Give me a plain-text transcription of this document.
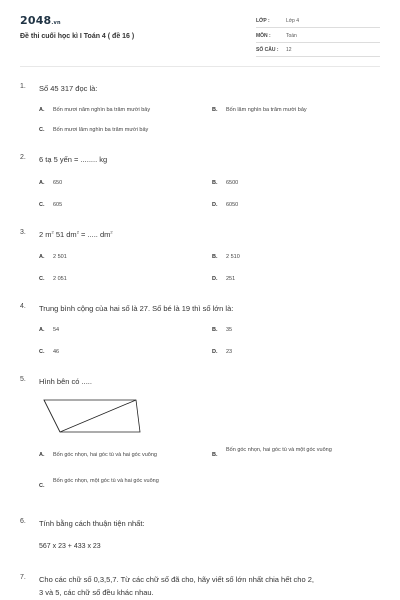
2048.vn
Đề thi cuối học kì I Toán 4 ( đề 16 )
LỚP :	Lớp 4
MÔN :	Toán
SỐ CÂU : 12
1. Số 45 317 đọc là:
A. Bốn mươi năm nghìn ba trăm mười bảy	B. Bốn lăm nghìn ba trăm mười bảy
C. Bốn mươi lăm nghìn ba trăm mười bảy
2. 6 tạ 5 yến = ........ kg
A. 650	B. 6500
C. 605	D. 6050
3. 2 $m^2$ 51 $dm^2$ = ..... $dm^2$
A. 2 501	B. 2 510
C. 2 051	D. 251
4. Trung bình cộng của hai số là 27. Số bé là 19 thì số lớn là:
A. 54	B. 35
C. 46	D. 23
5. Hình bên có .....
A. Bốn góc nhọn, hai góc tù và hai góc vuông	B.
Bốn góc nhọn, hai góc tù và một góc vuông
C.
Bốn góc nhọn, một góc tù và hai góc vuông
6. Tính bằng cách thuận tiện nhất:
567 x 23 + 433 x 23
7. Cho các chữ số 0,3,5,7. Từ các chữ số đã cho, hãy viết số lớn nhất chia hết cho 2,
3 và 5, các chữ số đều khác nhau.
